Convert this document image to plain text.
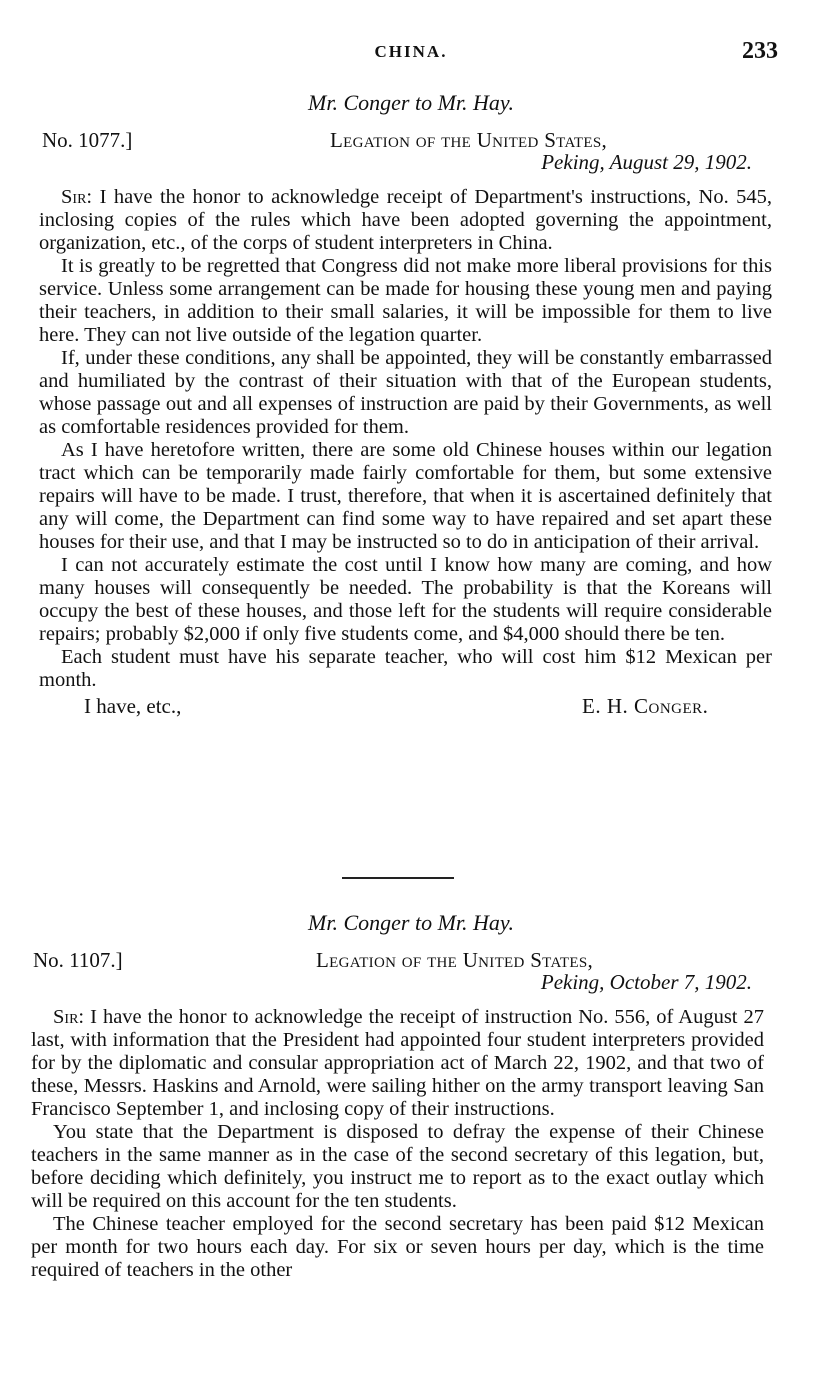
CHINA.	233
Mr. Conger to Mr. Hay.
No. 1077.]	Legation of the United States,
Peking, August 29, 1902.

Sir: I have the honor to acknowledge receipt of Department's instructions, No. 545, inclosing copies of the rules which have been adopted governing the appointment, organization, etc., of the corps of student interpreters in China.

It is greatly to be regretted that Congress did not make more liberal provisions for this service. Unless some arrangement can be made for housing these young men and paying their teachers, in addition to their small salaries, it will be impossible for them to live here. They can not live outside of the legation quarter.

If, under these conditions, any shall be appointed, they will be constantly embarrassed and humiliated by the contrast of their situation with that of the European students, whose passage out and all expenses of instruction are paid by their Governments, as well as comfortable residences provided for them.

As I have heretofore written, there are some old Chinese houses within our legation tract which can be temporarily made fairly comfortable for them, but some extensive repairs will have to be made. I trust, therefore, that when it is ascertained definitely that any will come, the Department can find some way to have repaired and set apart these houses for their use, and that I may be instructed so to do in anticipation of their arrival.

I can not accurately estimate the cost until I know how many are coming, and how many houses will consequently be needed. The probability is that the Koreans will occupy the best of these houses, and those left for the students will require considerable repairs; probably $2,000 if only five students come, and $4,000 should there be ten.

Each student must have his separate teacher, who will cost him $12 Mexican per month.

I have, etc.,	E. H. Conger.
Mr. Conger to Mr. Hay.
No. 1107.]	Legation of the United States,
Peking, October 7, 1902.

Sir: I have the honor to acknowledge the receipt of instruction No. 556, of August 27 last, with information that the President had appointed four student interpreters provided for by the diplomatic and consular appropriation act of March 22, 1902, and that two of these, Messrs. Haskins and Arnold, were sailing hither on the army transport leaving San Francisco September 1, and inclosing copy of their instructions.

You state that the Department is disposed to defray the expense of their Chinese teachers in the same manner as in the case of the second secretary of this legation, but, before deciding which definitely, you instruct me to report as to the exact outlay which will be required on this account for the ten students.

The Chinese teacher employed for the second secretary has been paid $12 Mexican per month for two hours each day. For six or seven hours per day, which is the time required of teachers in the other
